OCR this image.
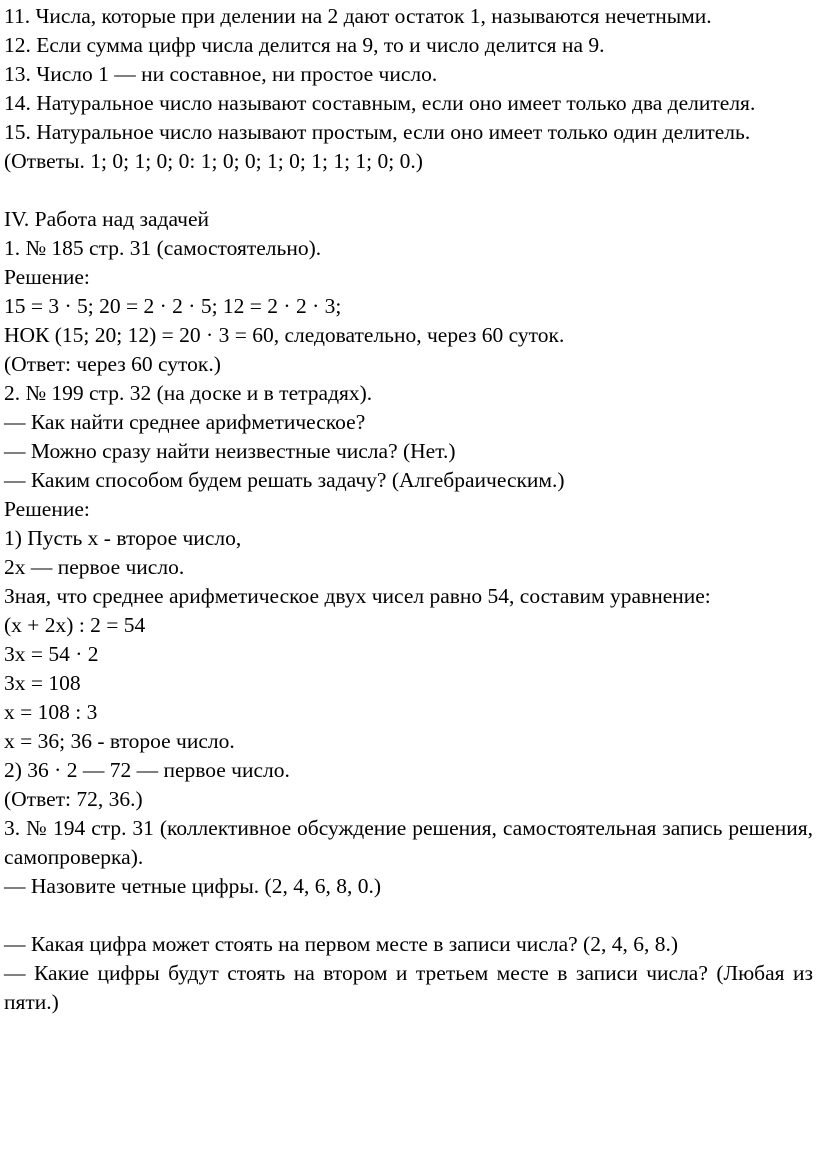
11. Числа, которые при делении на 2 дают остаток 1, называются нечетными.

12. Если сумма цифр числа делится на 9, то и число делится на 9.

13. Число 1 — ни составное, ни простое число.

14. Натуральное число называют составным, если оно имеет только два делителя.

15. Натуральное число называют простым, если оно имеет только один делитель.

(Ответы. 1; 0; 1; 0; 0: 1; 0; 0; 1; 0; 1; 1; 1; 0; 0.)

IV. Работа над задачей

1. № 185 стр. 31 (самостоятельно).

Решение:

15 = 3 · 5; 20 = 2 · 2 · 5; 12 = 2 · 2 · 3;

НОК (15; 20; 12) = 20 · 3 = 60, следовательно, через 60 суток.

(Ответ: через 60 суток.)

2. № 199 стр. 32 (на доске и в тетрадях).

— Как найти среднее арифметическое?

— Можно сразу найти неизвестные числа? (Нет.)

— Каким способом будем решать задачу? (Алгебраическим.)

Решение:

1) Пусть х - второе число,

2х — первое число.

Зная, что среднее арифметическое двух чисел равно 54, составим уравнение:

(х + 2х) : 2 = 54

3х = 54 · 2

3х = 108

х = 108 : 3

х = 36; 36 - второе число.

2) 36 · 2 — 72 — первое число.

(Ответ: 72, 36.)

3. № 194 стр. 31 (коллективное обсуждение решения, самостоятельная запись решения, самопроверка).

— Назовите четные цифры. (2, 4, 6, 8, 0.)

— Какая цифра может стоять на первом месте в записи числа? (2, 4, 6, 8.)

— Какие цифры будут стоять на втором и третьем месте в записи числа? (Любая из пяти.)
